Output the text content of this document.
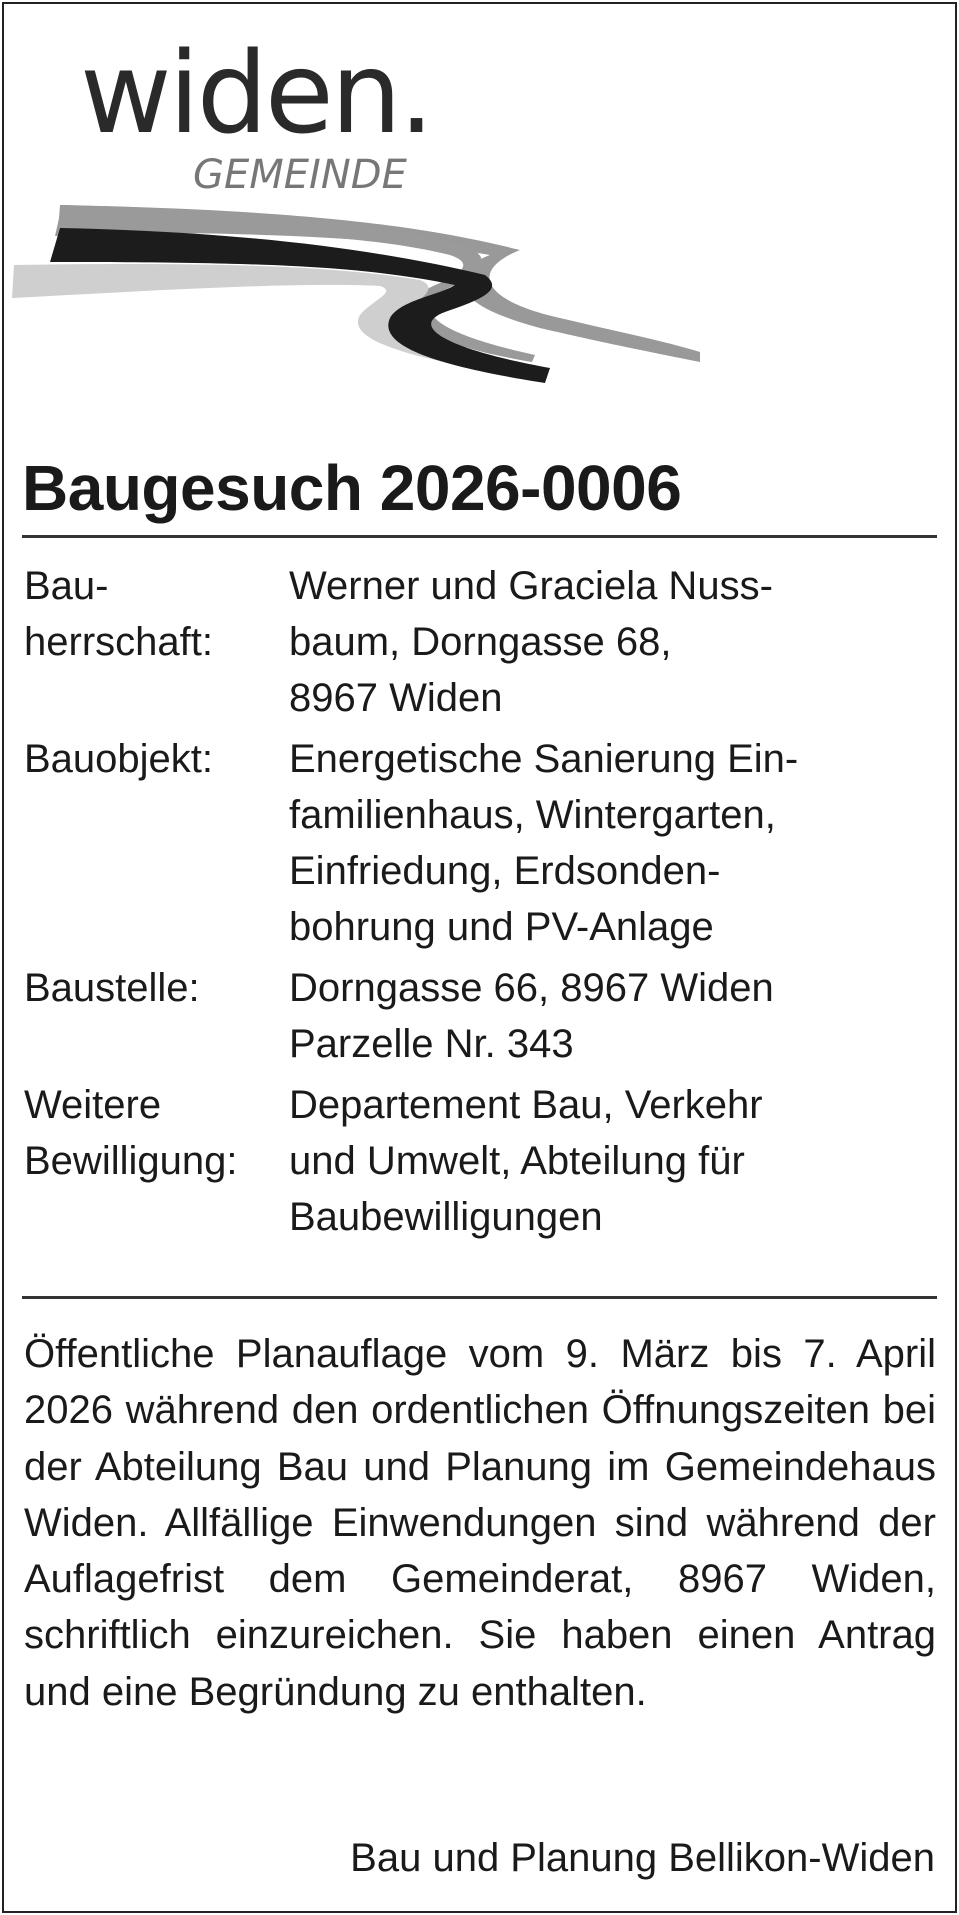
widen.
GEMEINDE
Baugesuch 2026-0006
Bau-
herrschaft:
Werner und Graciela Nuss-
baum, Dorngasse 68,
8967 Widen
Bauobjekt:	Energetische Sanierung Ein-
familienhaus, Wintergarten,
Einfriedung, Erdsonden-
bohrung und PV-Anlage
Baustelle:	Dorngasse 66, 8967 Widen
Parzelle Nr. 343
Weitere
Bewilligung:
Departement Bau, Verkehr
und Umwelt, Abteilung für
Baubewilligungen

Öffentliche Planauflage vom 9. März bis 7. April 2026 während den ordentlichen Öffnungszeiten bei der Abteilung Bau und Planung im Gemeindehaus Widen. Allfällige Einwendungen sind während der Auflagefrist dem Gemeinderat, 8967 Widen, schriftlich einzureichen. Sie haben einen Antrag und eine Begründung zu enthalten.

Bau und Planung Bellikon-Widen
